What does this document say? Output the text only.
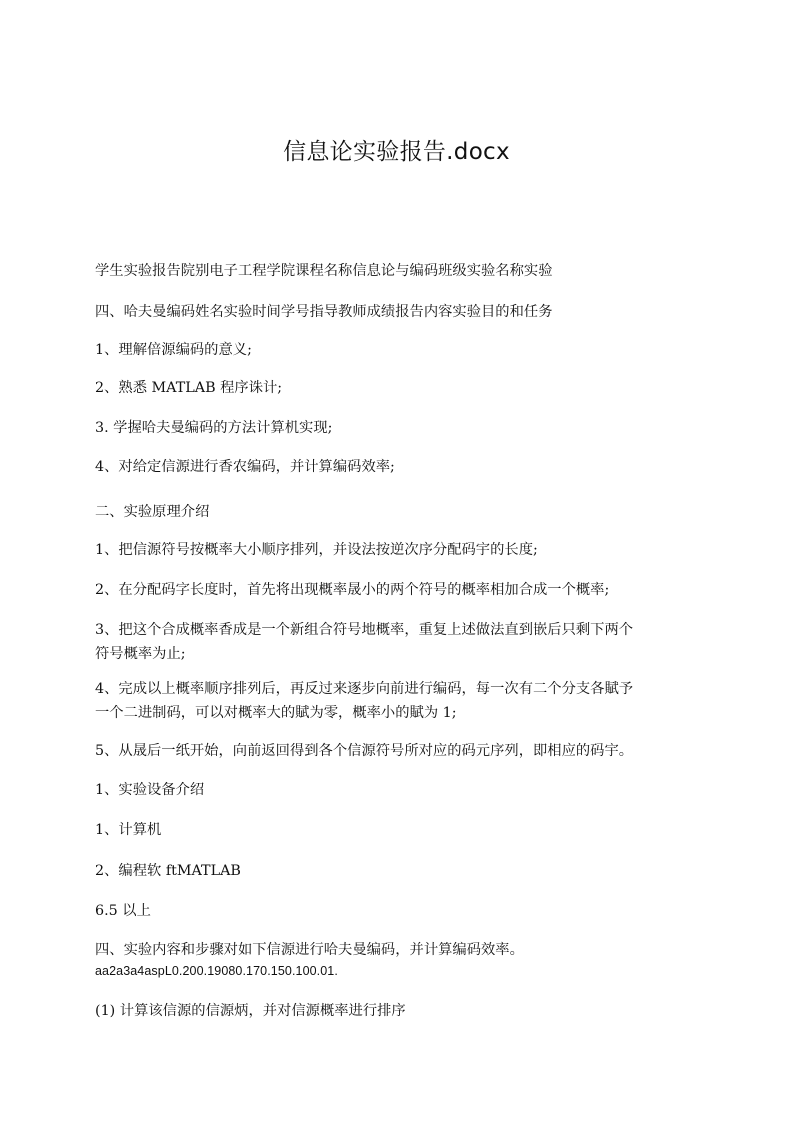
信息论实验报告.docx

学生实验报告院别电子工程学院课程名称信息论与编码班级实验名称实验

四、哈夫曼编码姓名实验时间学号指导教师成绩报告内容实验目的和任务

1、理解倍源编码的意义;

2、熟悉 MATLAB 程序诛计;

3. 学握哈夫曼编码的方法计算机实现;

4、对给定信源进行香农编码，并计算编码效率;

二、实验原理介绍

1、把信源符号按概率大小顺序排列，并设法按逆次序分配码宇的长度;

2、在分配码字长度时，首先将出现概率晟小的两个符号的概率相加合成一个概率;

3、把这个合成概率香成是一个新组合符号地概率，重复上述做法直到嵌后只剩下两个
符号概率为止;

4、完成以上概率顺序排列后，再反过来逐步向前进行编码，每一次有二个分支各賦予
一个二进制码，可以对概率大的賦为零，概率小的賦为 1;

5、从晟后一纸开始，向前返回得到各个信源符号所对应的码元序列，即相应的码宇。

1、实验设备介绍

1、计算机

2、编程软 ftMATLAB

6.5 以上

四、实验内容和步骤对如下信源进行哈夫曼编码，并计算编码效率。
aa2a3a4aspL0.200.19080.170.150.100.01.

(1) 计算该信源的信源炳，并对信源概率进行排序
